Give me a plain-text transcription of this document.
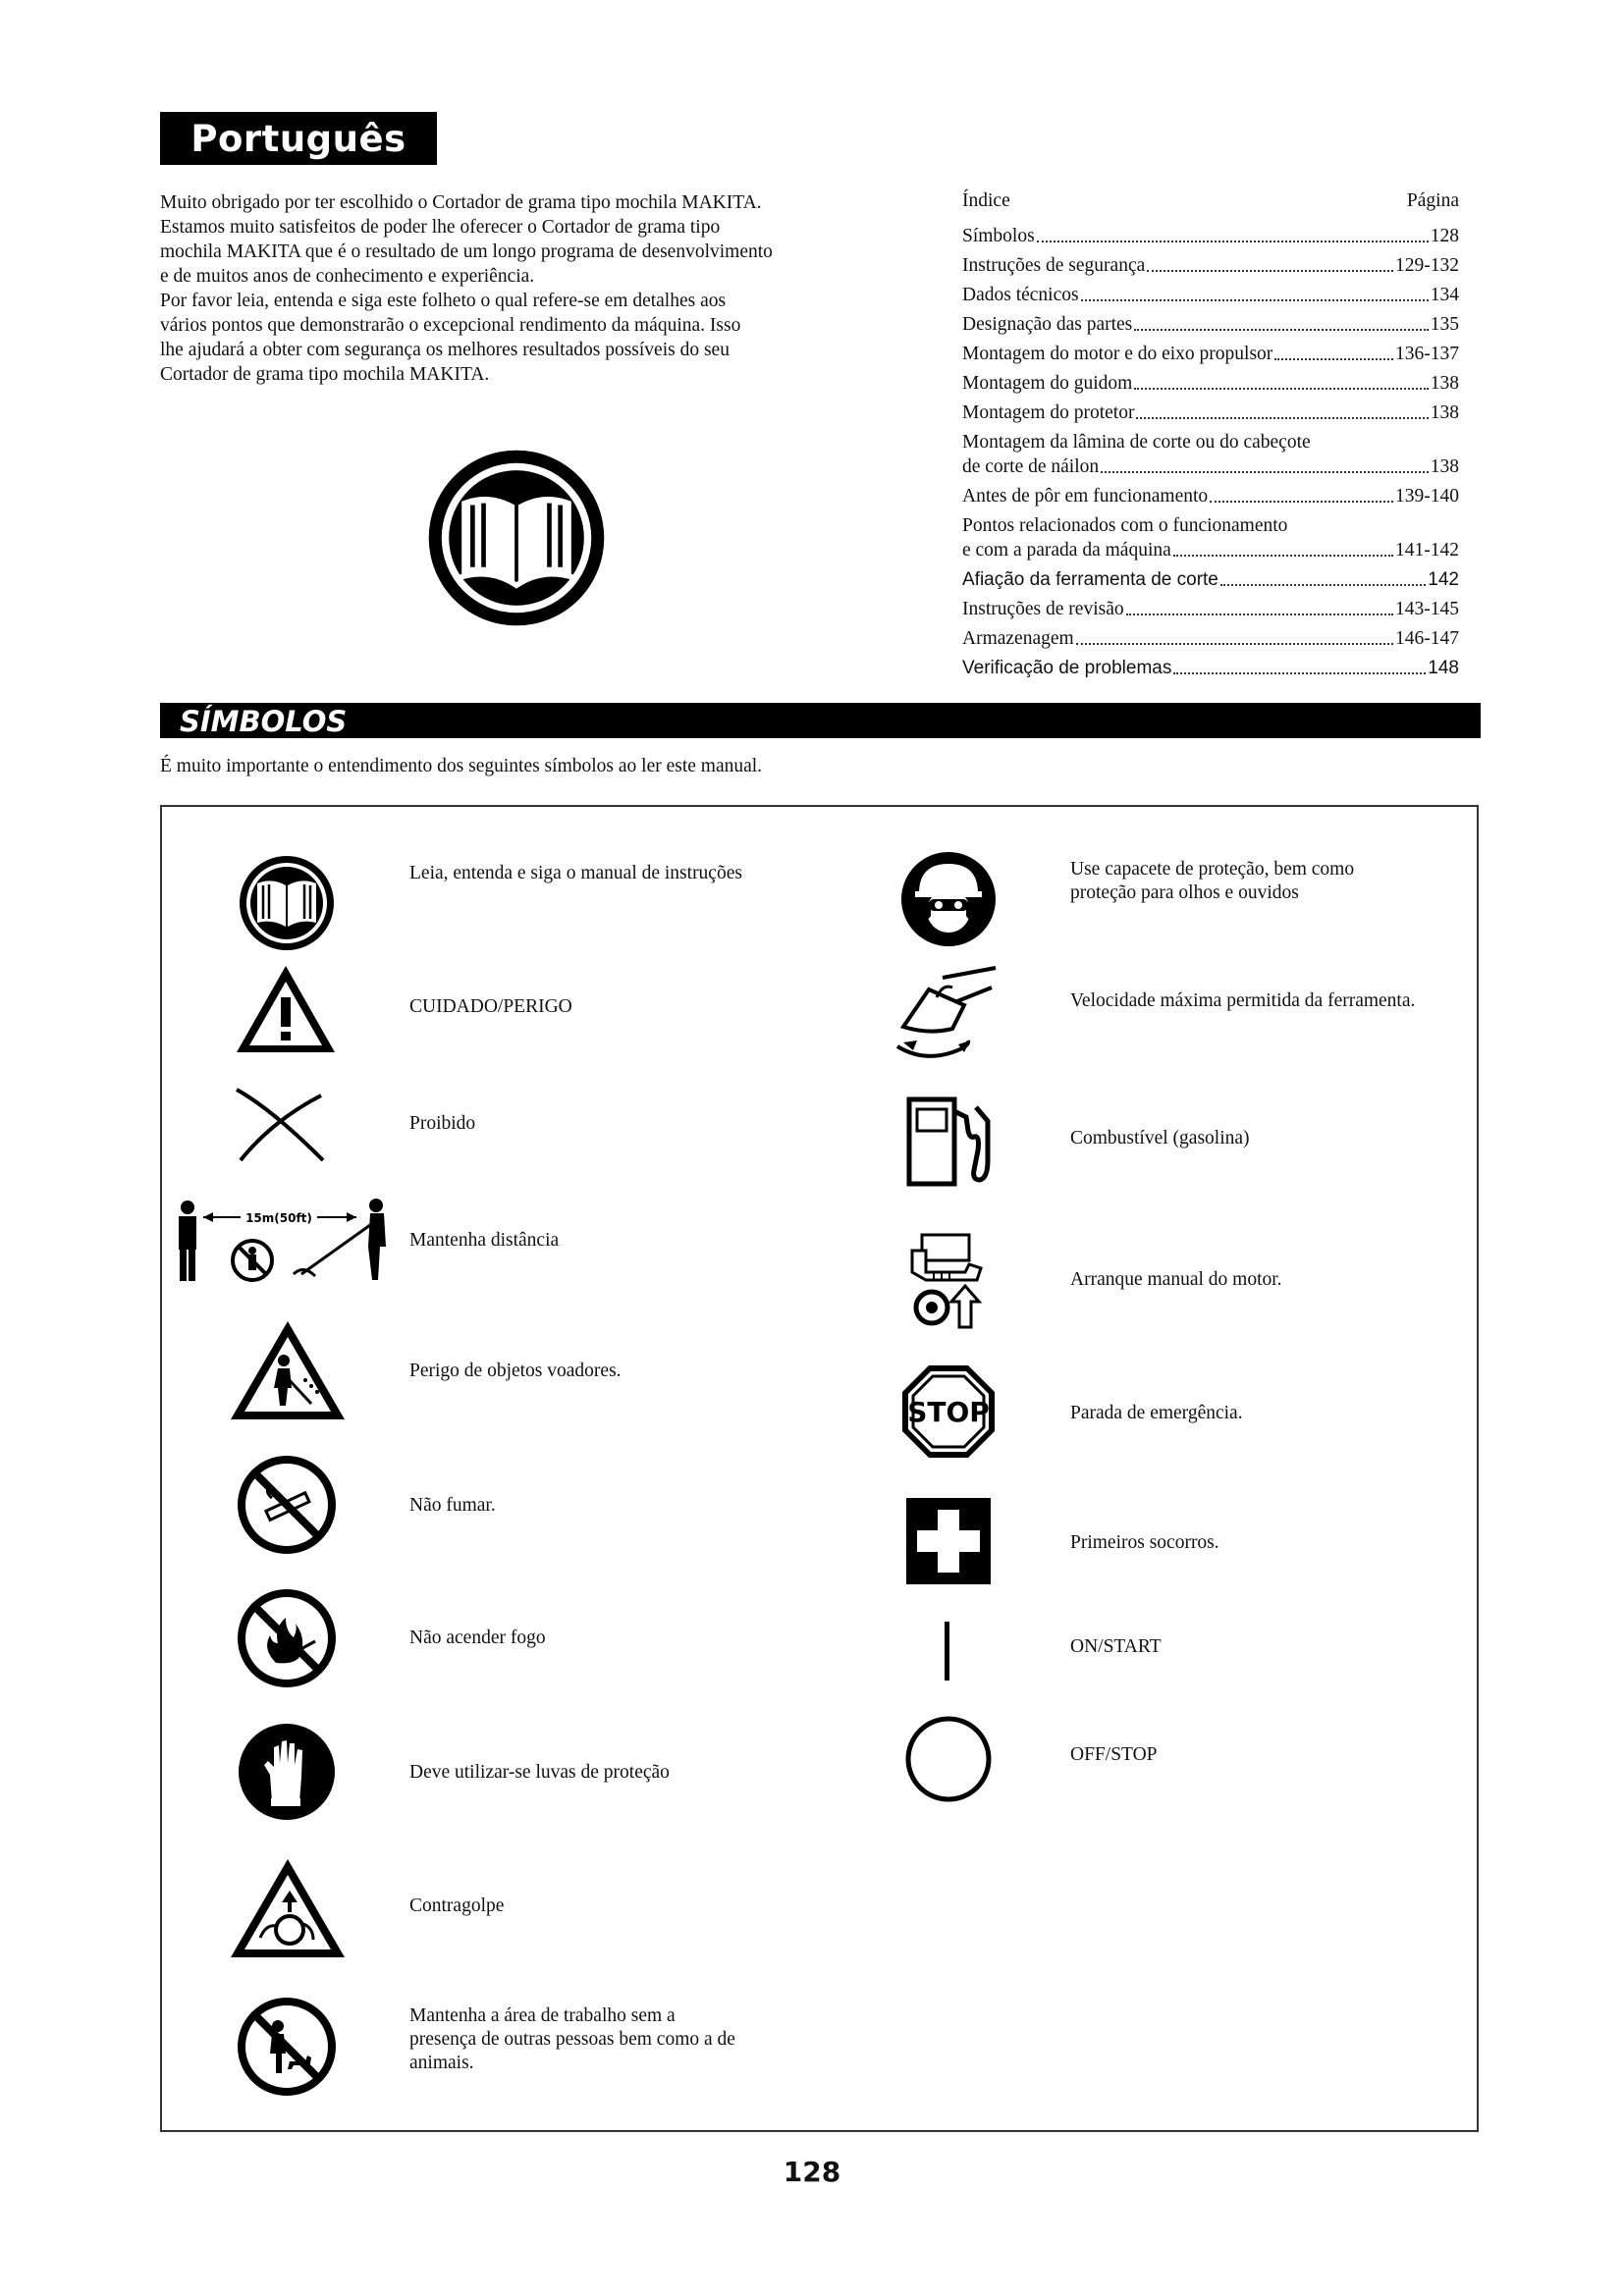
Português

Muito obrigado por ter escolhido o Cortador de grama tipo mochila MAKITA.

Estamos muito satisfeitos de poder lhe oferecer o Cortador de grama tipo

mochila MAKITA que é o resultado de um longo programa de desenvolvimento

e de muitos anos de conhecimento e experiência.

Por favor leia, entenda e siga este folheto o qual refere-se em detalhes aos

vários pontos que demonstrarão o excepcional rendimento da máquina. Isso

lhe ajudará a obter com segurança os melhores resultados possíveis do seu

Cortador de grama tipo mochila MAKITA.

Índice	Página
Símbolos	128
Instruções de segurança	129-132
Dados técnicos	134
Designação das partes	135
Montagem do motor e do eixo propulsor	136-137
Montagem do guidom	138
Montagem do protetor	138
Montagem da lâmina de corte ou do cabeçote
de corte de náilon	138
Antes de pôr em funcionamento	139-140
Pontos relacionados com o funcionamento
e com a parada da máquina	141-142
Afiação da ferramenta de corte	142
Instruções de revisão	143-145
Armazenagem	146-147
Verificação de problemas	148
SÍMBOLOS
É muito importante o entendimento dos seguintes símbolos ao ler este manual.
Leia, entenda e siga o manual de instruções
CUIDADO/PERIGO
Proibido
15m(50ft)
Mantenha distância
Perigo de objetos voadores.
Não fumar.
Não acender fogo
Deve utilizar-se luvas de proteção
Contragolpe
Mantenha a área de trabalho sem a presença de outras pessoas bem como a de animais.
Use capacete de proteção, bem como proteção para olhos e ouvidos
Velocidade máxima permitida da ferramenta.
Combustível (gasolina)
Arranque manual do motor.
STOP	Parada de emergência.
Primeiros socorros.
ON/START
OFF/STOP
128
